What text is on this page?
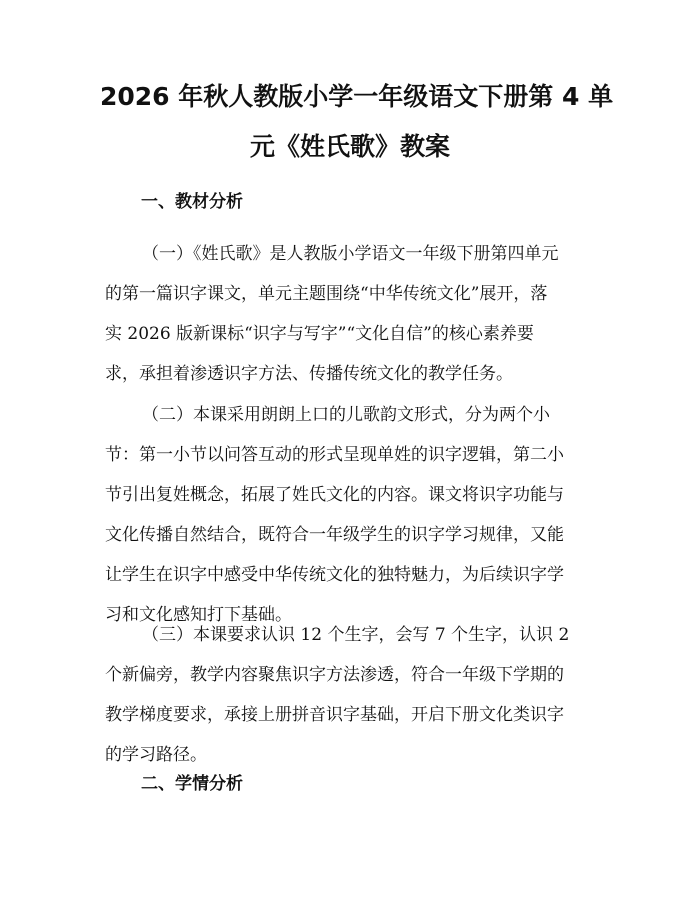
2026 年秋人教版小学一年级语文下册第 4 单
元《姓氏歌》教案
一、教材分析
（一）《姓氏歌》是人教版小学语文一年级下册第四单元
的第一篇识字课文，单元主题围绕“中华传统文化”展开，落
实 2026 版新课标“识字与写字”“文化自信”的核心素养要
求，承担着渗透识字方法、传播传统文化的教学任务。
（二）本课采用朗朗上口的儿歌韵文形式，分为两个小
节：第一小节以问答互动的形式呈现单姓的识字逻辑，第二小
节引出复姓概念，拓展了姓氏文化的内容。课文将识字功能与
文化传播自然结合，既符合一年级学生的识字学习规律，又能
让学生在识字中感受中华传统文化的独特魅力，为后续识字学
习和文化感知打下基础。
（三）本课要求认识 12 个生字，会写 7 个生字，认识 2
个新偏旁，教学内容聚焦识字方法渗透，符合一年级下学期的
教学梯度要求，承接上册拼音识字基础，开启下册文化类识字
的学习路径。
二、学情分析
